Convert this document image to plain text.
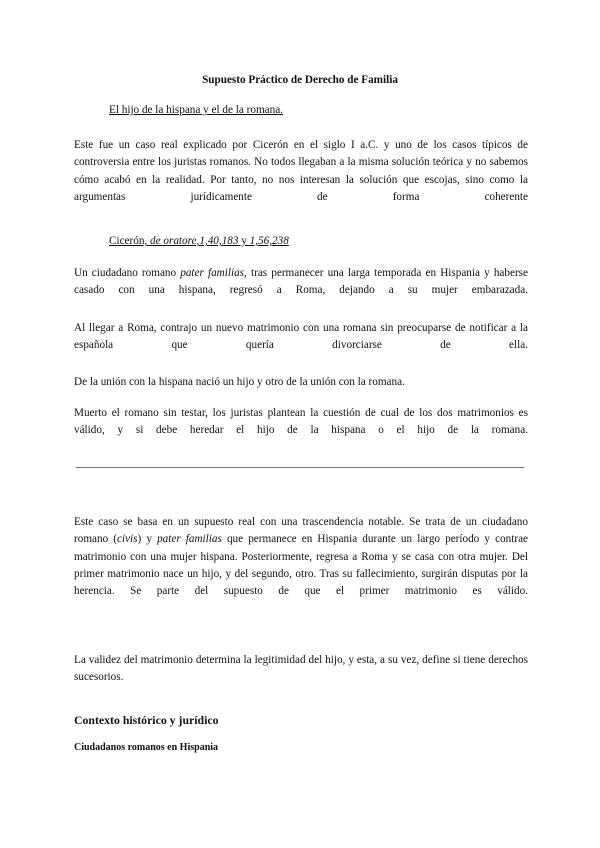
Supuesto Práctico de Derecho de Familia
El hijo de la hispana y el de la romana.

Este fue un caso real explicado por Cicerón en el siglo I a.C. y uno de los casos típicos de controversia entre los juristas romanos. No todos llegaban a la misma solución teórica y no sabemos cómo acabó en la realidad. Por tanto, no nos interesan la solución que escojas, sino como la argumentas jurídicamente de forma coherente

Cicerón, de oratore,1,40,183 y 1,56,238

Un ciudadano romano pater familias, tras permanecer una larga temporada en Hispania y haberse casado con una hispana, regresó a Roma, dejando a su mujer embarazada.

Al llegar a Roma, contrajo un nuevo matrimonio con una romana sin preocuparse de notificar a la española que quería divorciarse de ella.

De la unión con la hispana nació un hijo y otro de la unión con la romana.

Muerto el romano sin testar, los juristas plantean la cuestión de cual de los dos matrimonios es válido, y si debe heredar el hijo de la hispana o el hijo de la romana.

Este caso se basa en un supuesto real con una trascendencia notable. Se trata de un ciudadano romano (civis) y pater familias que permanece en Hispania durante un largo período y contrae matrimonio con una mujer hispana. Posteriormente, regresa a Roma y se casa con otra mujer. Del primer matrimonio nace un hijo, y del segundo, otro. Tras su fallecimiento, surgirán disputas por la herencia. Se parte del supuesto de que el primer matrimonio es válido.

La validez del matrimonio determina la legitimidad del hijo, y esta, a su vez, define si tiene derechos sucesorios.

Contexto histórico y jurídico
Ciudadanos romanos en Hispania
